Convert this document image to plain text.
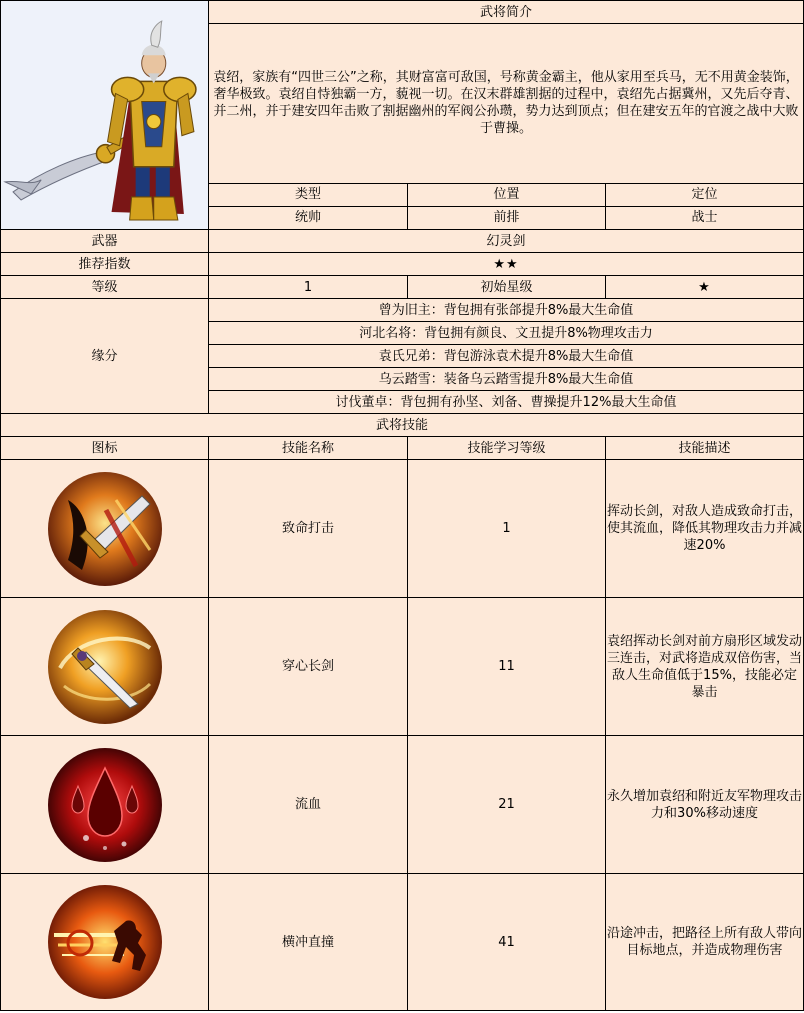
	武将简介		
	袁绍，家族有“四世三公”之称，其财富富可敌国，号称黄金霸主，他从家用至兵马，无不用黄金装饰，奢华极致。袁绍自恃独霸一方，藐视一切。在汉末群雄割据的过程中，袁绍先占据冀州，又先后夺青、并二州，并于建安四年击败了割据幽州的军阀公孙瓒，势力达到顶点；但在建安五年的官渡之战中大败于曹操。		
	类型	位置	定位
	统帅	前排	战士
武器	幻灵剑		
推荐指数	★★		
等级	1	初始星级	★
缘分	曾为旧主：背包拥有张郃提升8%最大生命值		
	河北名将：背包拥有颜良、文丑提升8%物理攻击力		
	袁氏兄弟：背包游泳袁术提升8%最大生命值		
	乌云踏雪：装备乌云踏雪提升8%最大生命值		
	讨伐董卓：背包拥有孙坚、刘备、曹操提升12%最大生命值		
武将技能			
图标	技能名称	技能学习等级	技能描述

	致命打击	1	挥动长剑，对敌人造成致命打击，使其流血，降低其物理攻击力并减速20%

	穿心长剑	11	袁绍挥动长剑对前方扇形区域发动三连击，对武将造成双倍伤害，当敌人生命值低于15%，技能必定暴击

	流血	21	永久增加袁绍和附近友军物理攻击力和30%移动速度

	横冲直撞	41	沿途冲击，把路径上所有敌人带向目标地点，并造成物理伤害
